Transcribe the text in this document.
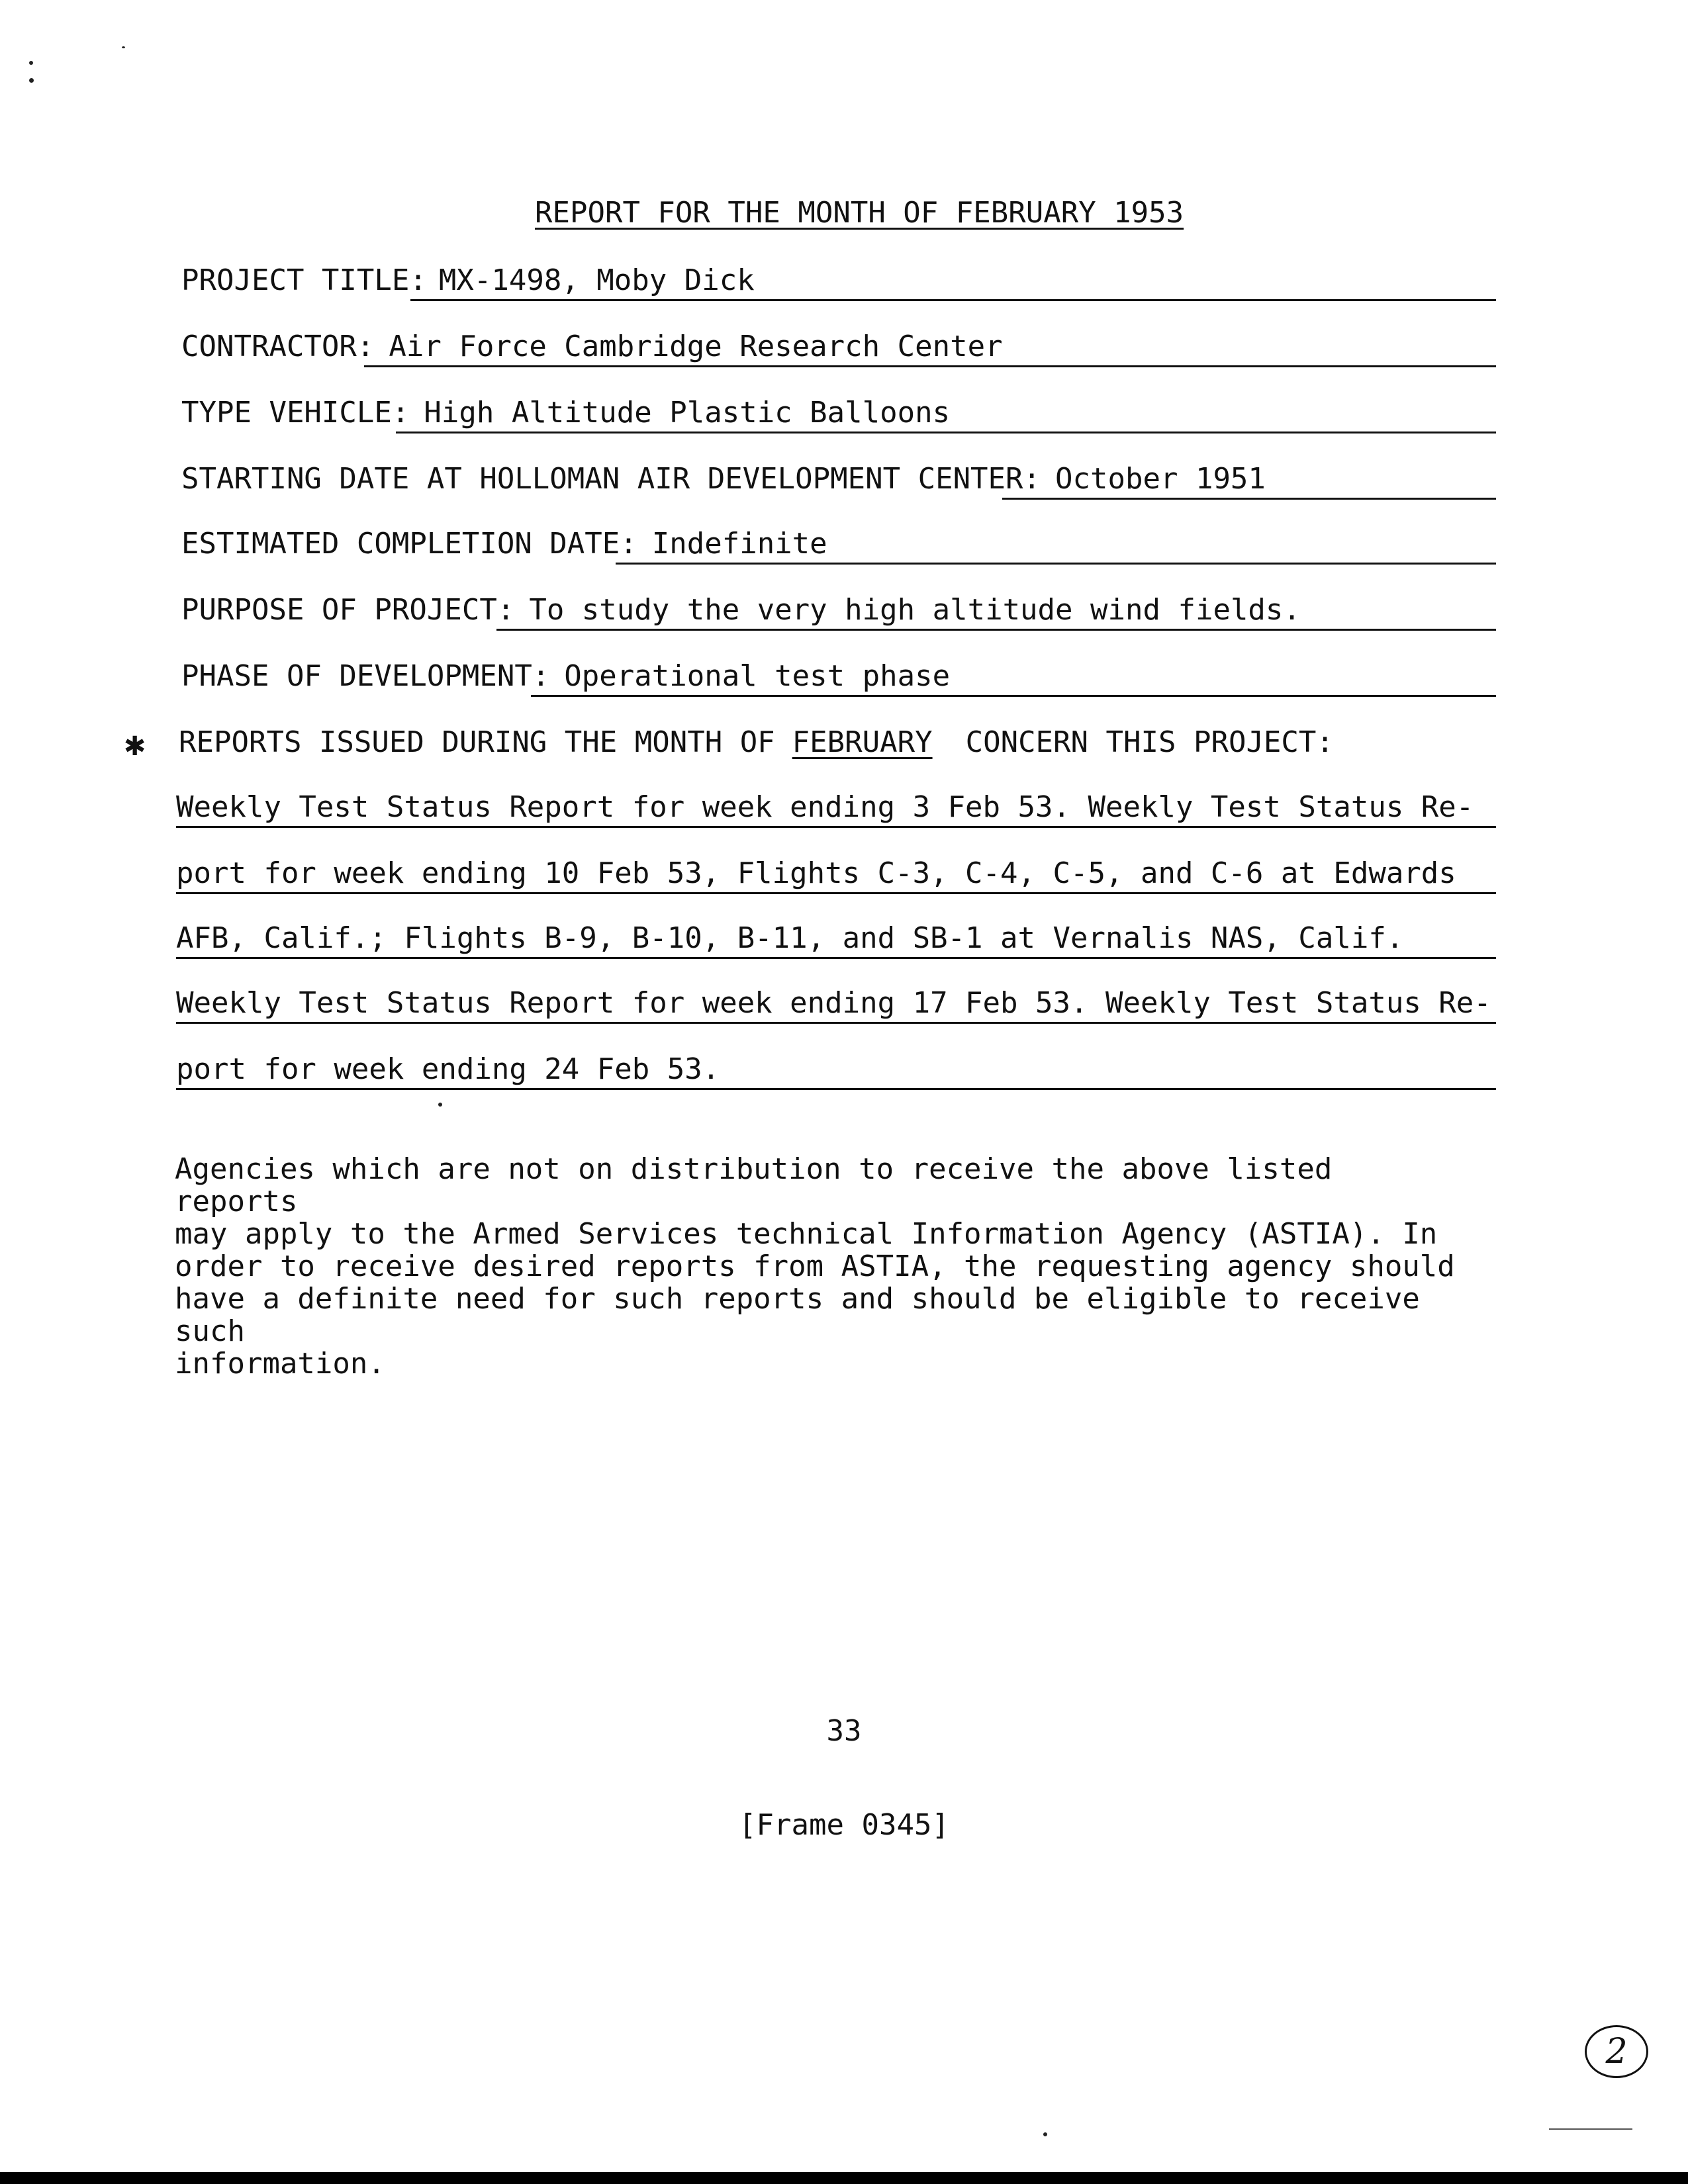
REPORT FOR THE MONTH OF FEBRUARY 1953
PROJECT TITLE: MX-1498, Moby Dick
CONTRACTOR: Air Force Cambridge Research Center
TYPE VEHICLE: High Altitude Plastic Balloons
STARTING DATE AT HOLLOMAN AIR DEVELOPMENT CENTER: October 1951
ESTIMATED COMPLETION DATE: Indefinite
PURPOSE OF PROJECT: To study the very high altitude wind fields.
PHASE OF DEVELOPMENT: Operational test phase
✱ REPORTS ISSUED DURING THE MONTH OF FEBRUARY CONCERN THIS PROJECT:
Weekly Test Status Report for week ending 3 Feb 53. Weekly Test Status Re-
port for week ending 10 Feb 53, Flights C-3, C-4, C-5, and C-6 at Edwards
AFB, Calif.; Flights B-9, B-10, B-11, and SB-1 at Vernalis NAS, Calif.
Weekly Test Status Report for week ending 17 Feb 53. Weekly Test Status Re-
port for week ending 24 Feb 53.
Agencies which are not on distribution to receive the above listed reports
may apply to the Armed Services technical Information Agency (ASTIA). In
order to receive desired reports from ASTIA, the requesting agency should
have a definite need for such reports and should be eligible to receive such
information.
33
[Frame 0345]
2
